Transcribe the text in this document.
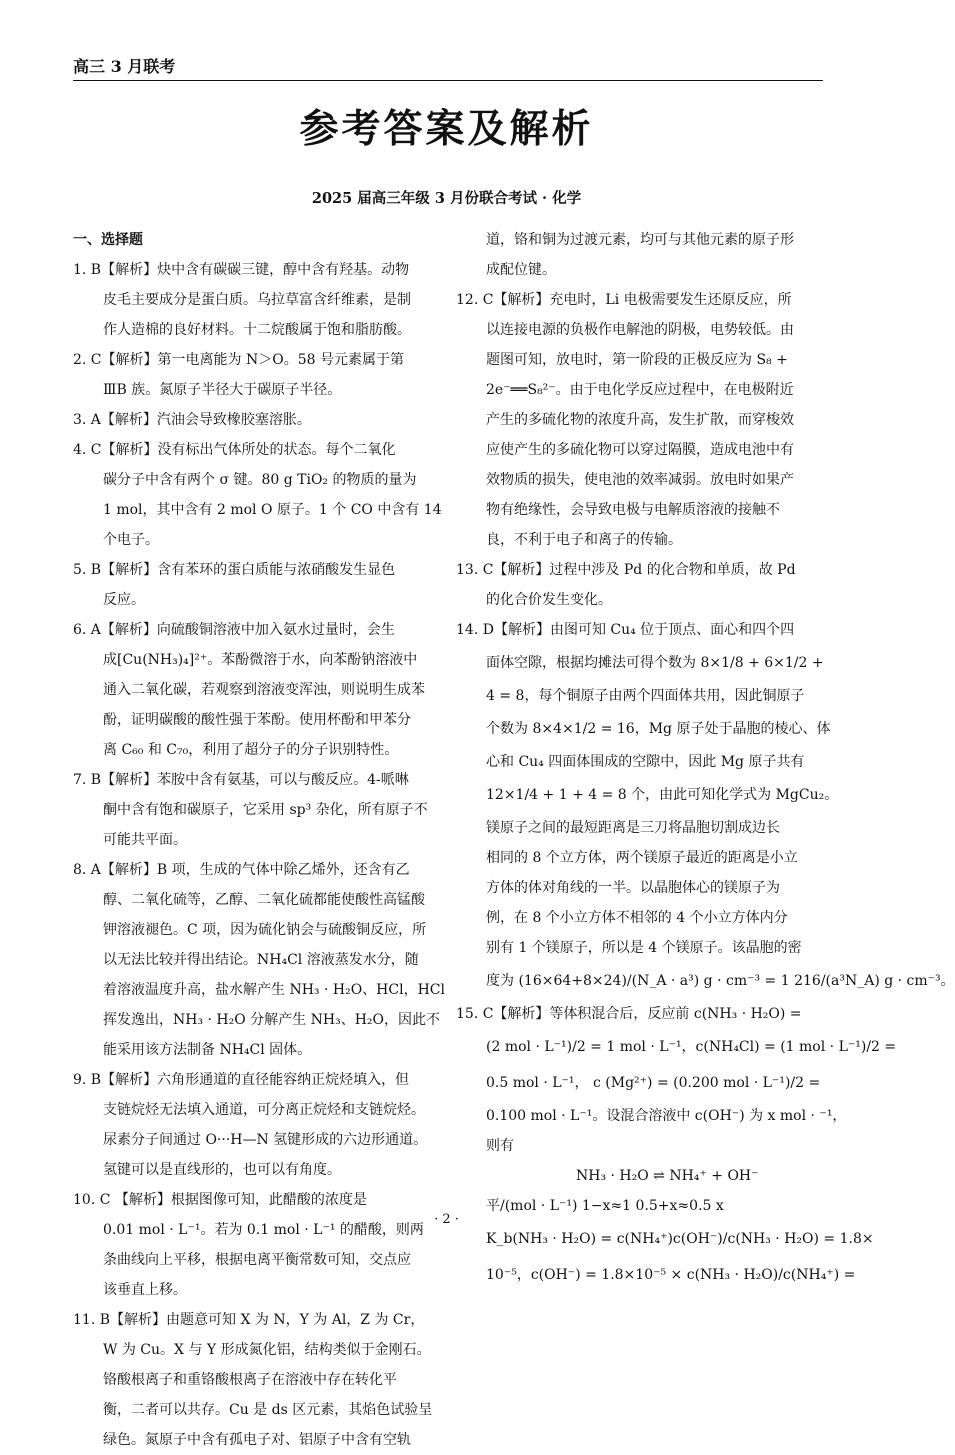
高三 3 月联考
参考答案及解析
2025 届高三年级 3 月份联合考试 · 化学
一、选择题
1. B【解析】炔中含有碳碳三键，醇中含有羟基。动物
皮毛主要成分是蛋白质。乌拉草富含纤维素，是制
作人造棉的良好材料。十二烷酸属于饱和脂肪酸。
2. C【解析】第一电离能为 N＞O。58 号元素属于第
ⅢB 族。氮原子半径大于碳原子半径。
3. A【解析】汽油会导致橡胶塞溶胀。
4. C【解析】没有标出气体所处的状态。每个二氧化
碳分子中含有两个 σ 键。80 g TiO₂ 的物质的量为
1 mol，其中含有 2 mol O 原子。1 个 CO 中含有 14
个电子。
5. B【解析】含有苯环的蛋白质能与浓硝酸发生显色
反应。
6. A【解析】向硫酸铜溶液中加入氨水过量时，会生
成[Cu(NH₃)₄]²⁺。苯酚微溶于水，向苯酚钠溶液中
通入二氧化碳，若观察到溶液变浑浊，则说明生成苯
酚，证明碳酸的酸性强于苯酚。使用杯酚和甲苯分
离 C₆₀ 和 C₇₀，利用了超分子的分子识别特性。
7. B【解析】苯胺中含有氨基，可以与酸反应。4-哌啉
酮中含有饱和碳原子，它采用 sp³ 杂化，所有原子不
可能共平面。
8. A【解析】B 项，生成的气体中除乙烯外，还含有乙
醇、二氧化硫等，乙醇、二氧化硫都能使酸性高锰酸
钾溶液褪色。C 项，因为硫化钠会与硫酸铜反应，所
以无法比较并得出结论。NH₄Cl 溶液蒸发水分，随
着溶液温度升高，盐水解产生 NH₃ · H₂O、HCl，HCl
挥发逸出，NH₃ · H₂O 分解产生 NH₃、H₂O，因此不
能采用该方法制备 NH₄Cl 固体。
9. B【解析】六角形通道的直径能容纳正烷烃填入，但
支链烷烃无法填入通道，可分离正烷烃和支链烷烃。
尿素分子间通过 O···H—N 氢键形成的六边形通道。
氢键可以是直线形的，也可以有角度。
10. C 【解析】根据图像可知，此醋酸的浓度是
0.01 mol · L⁻¹。若为 0.1 mol · L⁻¹ 的醋酸，则两
条曲线向上平移，根据电离平衡常数可知，交点应
该垂直上移。
11. B【解析】由题意可知 X 为 N，Y 为 Al，Z 为 Cr，
W 为 Cu。X 与 Y 形成氮化铝，结构类似于金刚石。
铬酸根离子和重铬酸根离子在溶液中存在转化平
衡，二者可以共存。Cu 是 ds 区元素，其焰色试验呈
绿色。氮原子中含有孤电子对、铝原子中含有空轨
道，铬和铜为过渡元素，均可与其他元素的原子形
成配位键。
12. C【解析】充电时，Li 电极需要发生还原反应，所
以连接电源的负极作电解池的阴极，电势较低。由
题图可知，放电时，第一阶段的正极反应为 S₈ +
2e⁻══S₈²⁻。由于电化学反应过程中，在电极附近
产生的多硫化物的浓度升高，发生扩散，而穿梭效
应使产生的多硫化物可以穿过隔膜，造成电池中有
效物质的损失，使电池的效率减弱。放电时如果产
物有绝缘性，会导致电极与电解质溶液的接触不
良，不利于电子和离子的传输。
13. C【解析】过程中涉及 Pd 的化合物和单质，故 Pd
的化合价发生变化。
14. D【解析】由图可知 Cu₄ 位于顶点、面心和四个四
面体空隙，根据均摊法可得个数为 8×1/8 + 6×1/2 +
4 = 8，每个铜原子由两个四面体共用，因此铜原子
个数为 8×4×1/2 = 16，Mg 原子处于晶胞的棱心、体
心和 Cu₄ 四面体围成的空隙中，因此 Mg 原子共有
12×1/4 + 1 + 4 = 8 个，由此可知化学式为 MgCu₂。
镁原子之间的最短距离是三刀将晶胞切割成边长
相同的 8 个立方体，两个镁原子最近的距离是小立
方体的体对角线的一半。以晶胞体心的镁原子为
例，在 8 个小立方体不相邻的 4 个小立方体内分
别有 1 个镁原子，所以是 4 个镁原子。该晶胞的密
度为 (16×64+8×24)/(N_A · a³) g · cm⁻³ = 1 216/(a³N_A) g · cm⁻³。
15. C【解析】等体积混合后，反应前 c(NH₃ · H₂O) =
(2 mol · L⁻¹)/2 = 1 mol · L⁻¹，c(NH₄Cl) = (1 mol · L⁻¹)/2 =
0.5 mol · L⁻¹， c (Mg²⁺) = (0.200 mol · L⁻¹)/2 =
0.100 mol · L⁻¹。设混合溶液中 c(OH⁻) 为 x mol · ⁻¹，
则有
NH₃ · H₂O ⇌ NH₄⁺ + OH⁻
平/(mol · L⁻¹) 1−x≈1 0.5+x≈0.5 x
K_b(NH₃ · H₂O) = c(NH₄⁺)c(OH⁻)/c(NH₃ · H₂O) = 1.8×
10⁻⁵，c(OH⁻) = 1.8×10⁻⁵ × c(NH₃ · H₂O)/c(NH₄⁺) =
· 2 ·
